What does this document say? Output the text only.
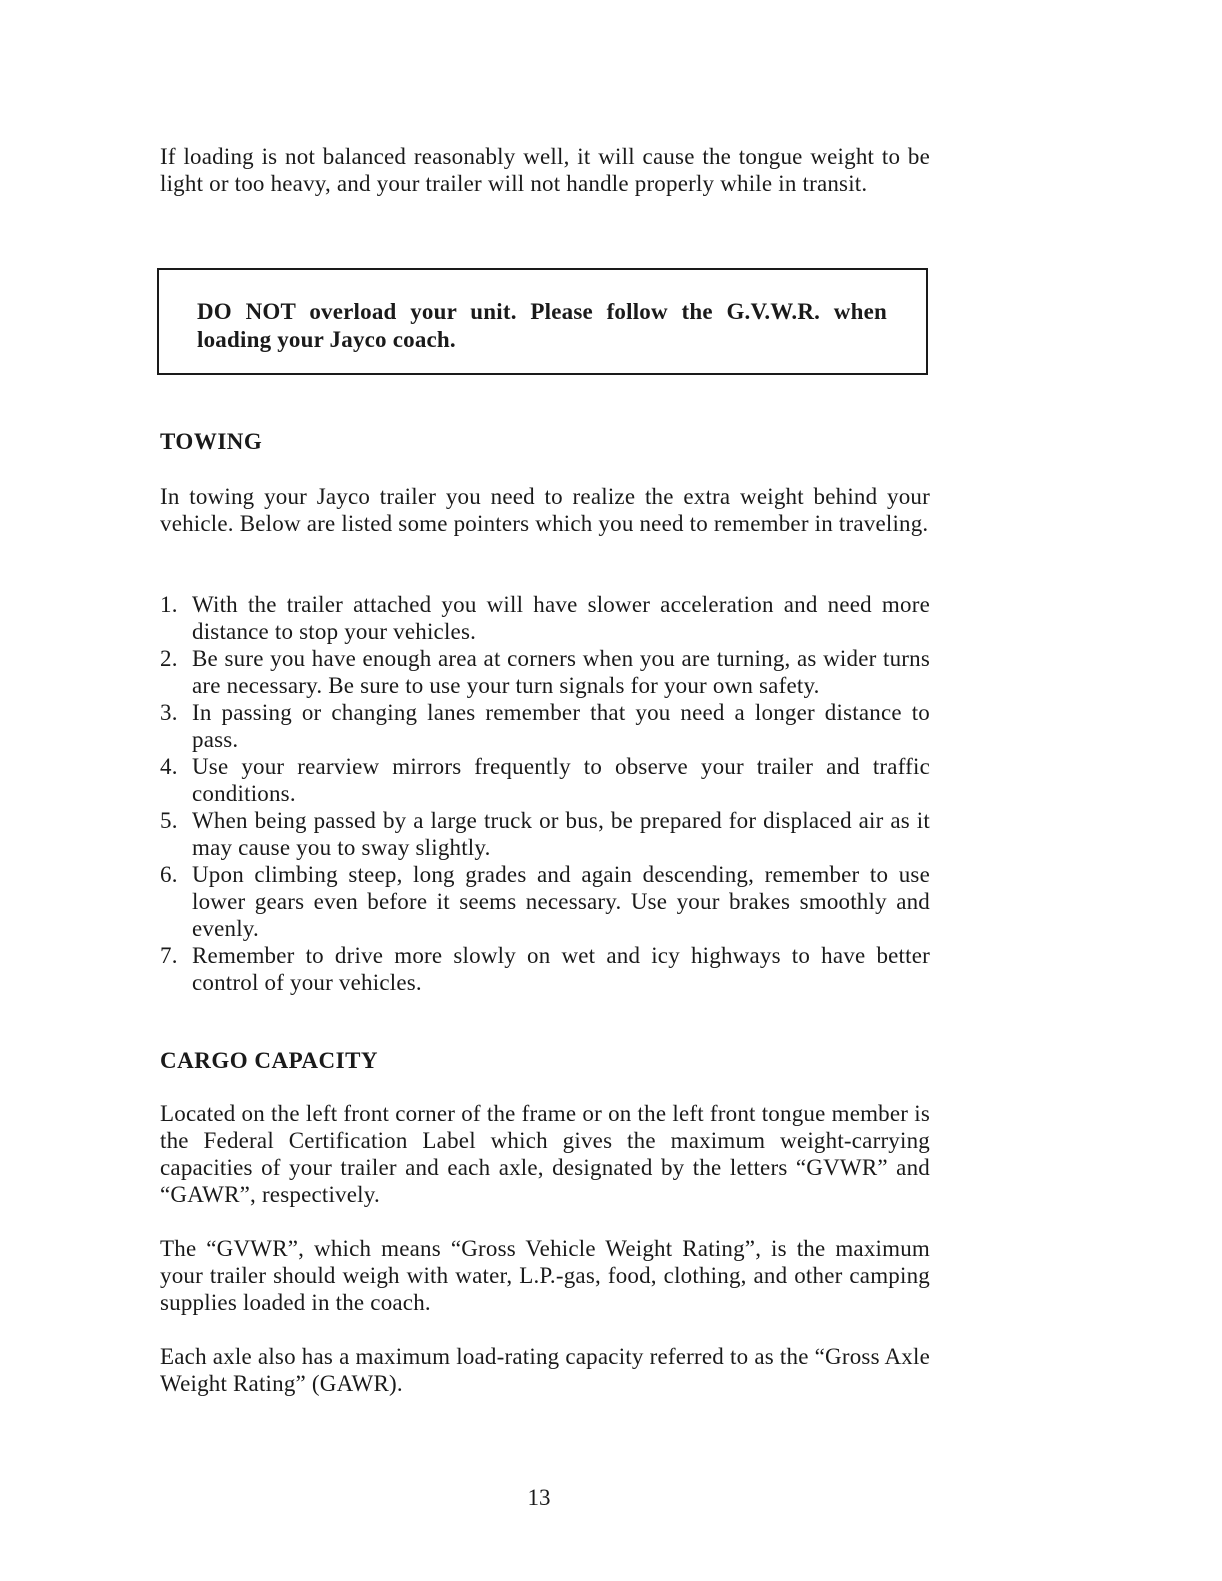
If loading is not balanced reasonably well, it will cause the tongue weight to be light or too heavy, and your trailer will not handle properly while in transit.

DO NOT overload your unit. Please follow the G.V.W.R. when loading your Jayco coach.
TOWING

In towing your Jayco trailer you need to realize the extra weight behind your vehicle. Below are listed some pointers which you need to remember in traveling.

1. With the trailer attached you will have slower acceleration and need more distance to stop your vehicles.
2. Be sure you have enough area at corners when you are turning, as wider turns are necessary. Be sure to use your turn signals for your own safety.
3. In passing or changing lanes remember that you need a longer distance to pass.
4. Use your rearview mirrors frequently to observe your trailer and traffic conditions.
5. When being passed by a large truck or bus, be prepared for displaced air as it may cause you to sway slightly.
6. Upon climbing steep, long grades and again descending, remember to use lower gears even before it seems necessary. Use your brakes smoothly and evenly.
7. Remember to drive more slowly on wet and icy highways to have better control of your vehicles.
CARGO CAPACITY

Located on the left front corner of the frame or on the left front tongue member is the Federal Certification Label which gives the maximum weight-carrying capacities of your trailer and each axle, designated by the letters “GVWR” and “GAWR”, respectively.

The “GVWR”, which means “Gross Vehicle Weight Rating”, is the maximum your trailer should weigh with water, L.P.-gas, food, clothing, and other camping supplies loaded in the coach.

Each axle also has a maximum load-rating capacity referred to as the “Gross Axle Weight Rating” (GAWR).

13
